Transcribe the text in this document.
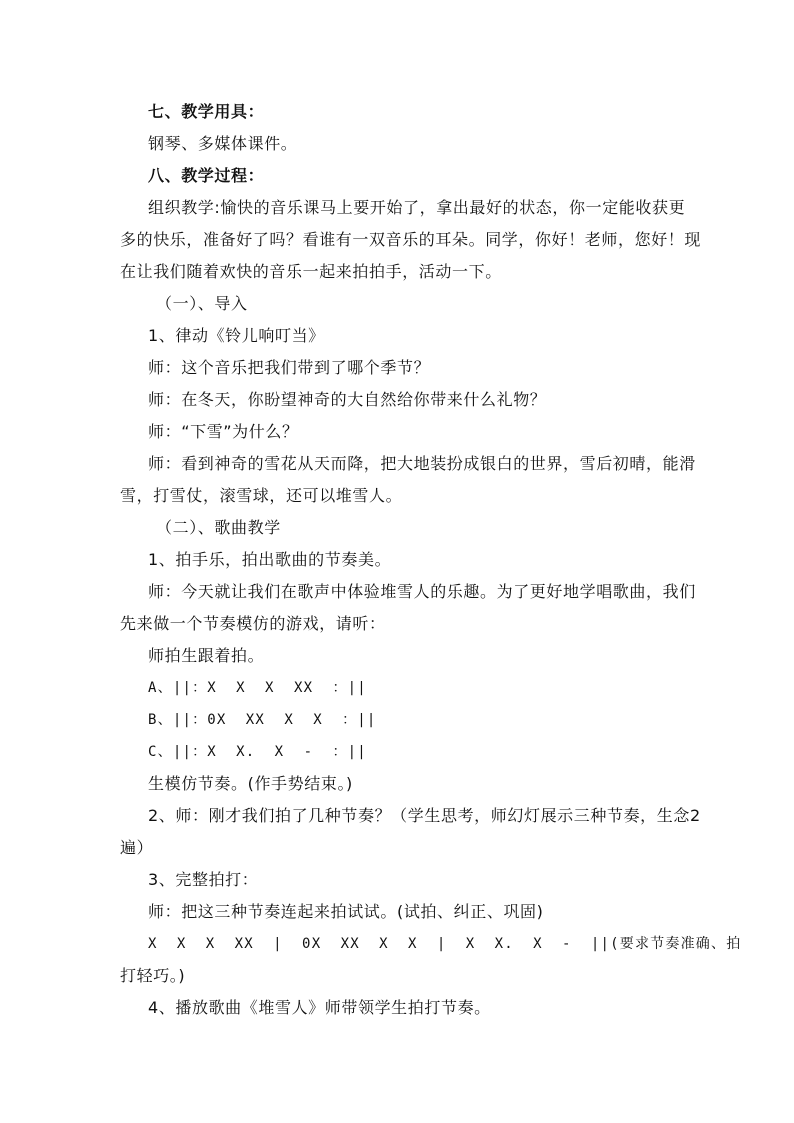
七、教学用具：
钢琴、多媒体课件。
八、教学过程：
组织教学:愉快的音乐课马上要开始了，拿出最好的状态，你一定能收获更
多的快乐，准备好了吗？看谁有一双音乐的耳朵。同学，你好！老师，您好！现
在让我们随着欢快的音乐一起来拍拍手，活动一下。
（一）、导入
1、律动《铃儿响叮当》
师：这个音乐把我们带到了哪个季节？
师：在冬天，你盼望神奇的大自然给你带来什么礼物？
师：“下雪”为什么？
师：看到神奇的雪花从天而降，把大地装扮成银白的世界，雪后初晴，能滑
雪，打雪仗，滚雪球，还可以堆雪人。
（二）、歌曲教学
1、拍手乐，拍出歌曲的节奏美。
师：今天就让我们在歌声中体验堆雪人的乐趣。为了更好地学唱歌曲，我们
先来做一个节奏模仿的游戏，请听：
师拍生跟着拍。
A、||：X  X  X  XX  ：||
B、||：0X  XX  X  X  ：||
C、||：X  X.  X  -  ：||
生模仿节奏。(作手势结束。)
2、师：刚才我们拍了几种节奏？（学生思考，师幻灯展示三种节奏，生念2
遍）
3、完整拍打：
师：把这三种节奏连起来拍试试。(试拍、纠正、巩固)
X  X  X  XX  |  0X  XX  X  X  |  X  X.  X  -  ||(要求节奏准确、拍
打轻巧。)
4、播放歌曲《堆雪人》师带领学生拍打节奏。
